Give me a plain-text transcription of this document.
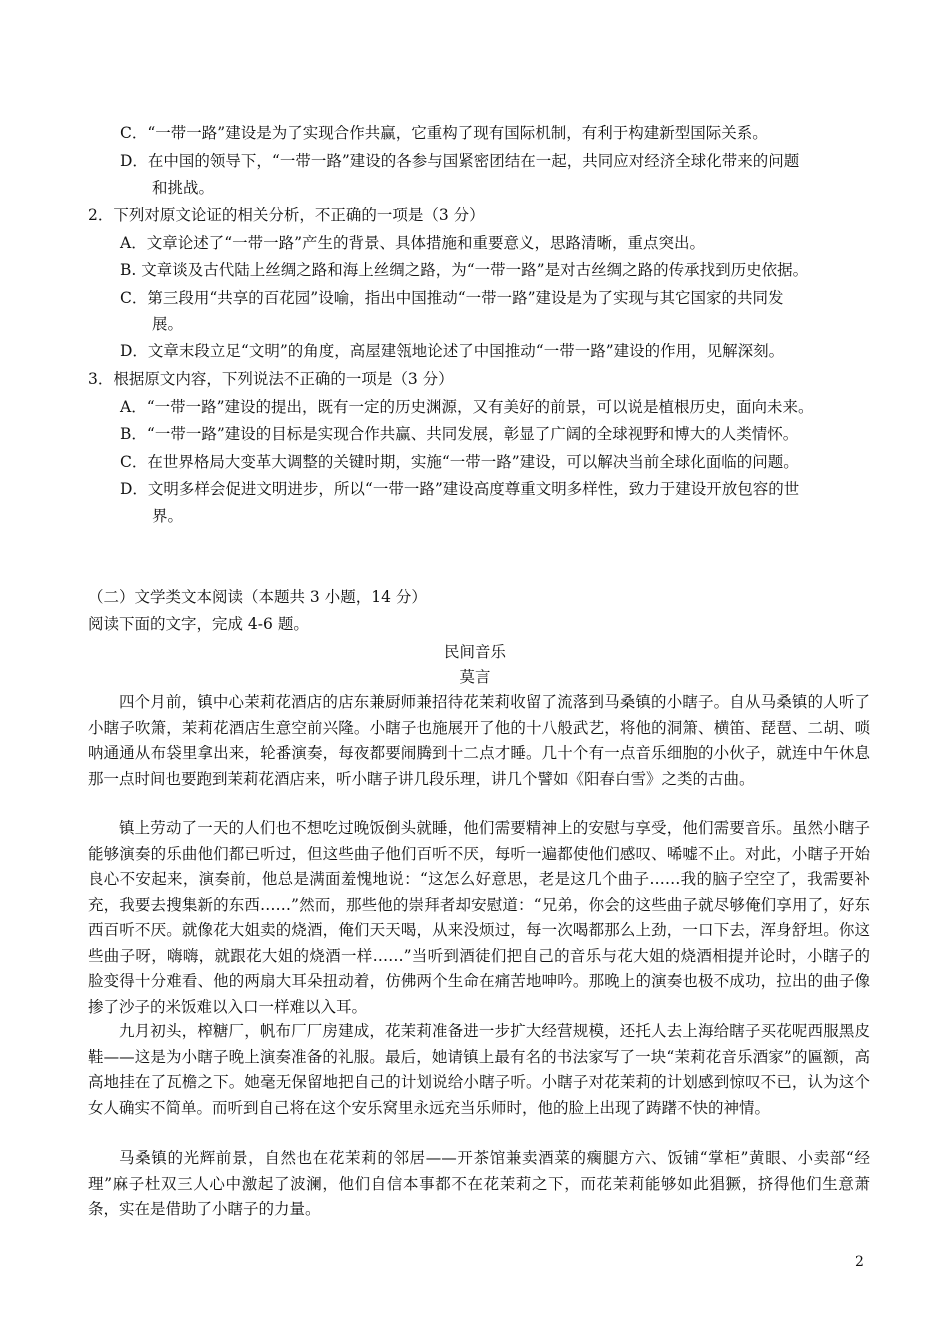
C．“一带一路”建设是为了实现合作共赢，它重构了现有国际机制，有利于构建新型国际关系。
D．在中国的领导下，“一带一路”建设的各参与国紧密团结在一起，共同应对经济全球化带来的问题
和挑战。
2．下列对原文论证的相关分析，不正确的一项是（3 分）
A．文章论述了“一带一路”产生的背景、具体措施和重要意义，思路清晰，重点突出。
B. 文章谈及古代陆上丝绸之路和海上丝绸之路，为“一带一路”是对古丝绸之路的传承找到历史依据。
C．第三段用“共享的百花园”设喻，指出中国推动“一带一路”建设是为了实现与其它国家的共同发
展。
D．文章末段立足“文明”的角度，高屋建瓴地论述了中国推动“一带一路”建设的作用，见解深刻。
3．根据原文内容，下列说法不正确的一项是（3 分）
A．“一带一路”建设的提出，既有一定的历史渊源，又有美好的前景，可以说是植根历史，面向未来。
B．“一带一路”建设的目标是实现合作共赢、共同发展，彰显了广阔的全球视野和博大的人类情怀。
C．在世界格局大变革大调整的关键时期，实施“一带一路”建设，可以解决当前全球化面临的问题。
D．文明多样会促进文明进步，所以“一带一路”建设高度尊重文明多样性，致力于建设开放包容的世
界。
（二）文学类文本阅读（本题共 3 小题，14 分）
阅读下面的文字，完成 4-6 题。
民间音乐
莫言
四个月前，镇中心茉莉花酒店的店东兼厨师兼招待花茉莉收留了流落到马桑镇的小瞎子。自从马桑镇的人听了小瞎子吹箫，茉莉花酒店生意空前兴隆。小瞎子也施展开了他的十八般武艺，将他的洞箫、横笛、琵琶、二胡、唢呐通通从布袋里拿出来，轮番演奏，每夜都要闹腾到十二点才睡。几十个有一点音乐细胞的小伙子，就连中午休息那一点时间也要跑到茉莉花酒店来，听小瞎子讲几段乐理，讲几个譬如《阳春白雪》之类的古曲。
镇上劳动了一天的人们也不想吃过晚饭倒头就睡，他们需要精神上的安慰与享受，他们需要音乐。虽然小瞎子能够演奏的乐曲他们都已听过，但这些曲子他们百听不厌，每听一遍都使他们感叹、唏嘘不止。对此，小瞎子开始良心不安起来，演奏前，他总是满面羞愧地说：“这怎么好意思，老是这几个曲子……我的脑子空空了，我需要补充，我要去搜集新的东西……”然而，那些他的崇拜者却安慰道：“兄弟，你会的这些曲子就尽够俺们享用了，好东西百听不厌。就像花大姐卖的烧酒，俺们天天喝，从来没烦过，每一次喝都那么上劲，一口下去，浑身舒坦。你这些曲子呀，嗨嗨，就跟花大姐的烧酒一样……”当听到酒徒们把自己的音乐与花大姐的烧酒相提并论时，小瞎子的脸变得十分难看、他的两扇大耳朵扭动着，仿佛两个生命在痛苦地呻吟。那晚上的演奏也极不成功，拉出的曲子像掺了沙子的米饭难以入口一样难以入耳。
九月初头，榨糖厂，帆布厂厂房建成，花茉莉准备进一步扩大经营规模，还托人去上海给瞎子买花呢西服黑皮鞋——这是为小瞎子晚上演奏准备的礼服。最后，她请镇上最有名的书法家写了一块“茉莉花音乐酒家”的匾额，高高地挂在了瓦檐之下。她毫无保留地把自己的计划说给小瞎子听。小瞎子对花茉莉的计划感到惊叹不已，认为这个女人确实不简单。而听到自己将在这个安乐窝里永远充当乐师时，他的脸上出现了踌躇不快的神情。
马桑镇的光辉前景，自然也在花茉莉的邻居——开茶馆兼卖酒菜的瘸腿方六、饭铺“掌柜”黄眼、小卖部“经理”麻子杜双三人心中激起了波澜，他们自信本事都不在花茉莉之下，而花茉莉能够如此猖獗，挤得他们生意萧条，实在是借助了小瞎子的力量。
2
